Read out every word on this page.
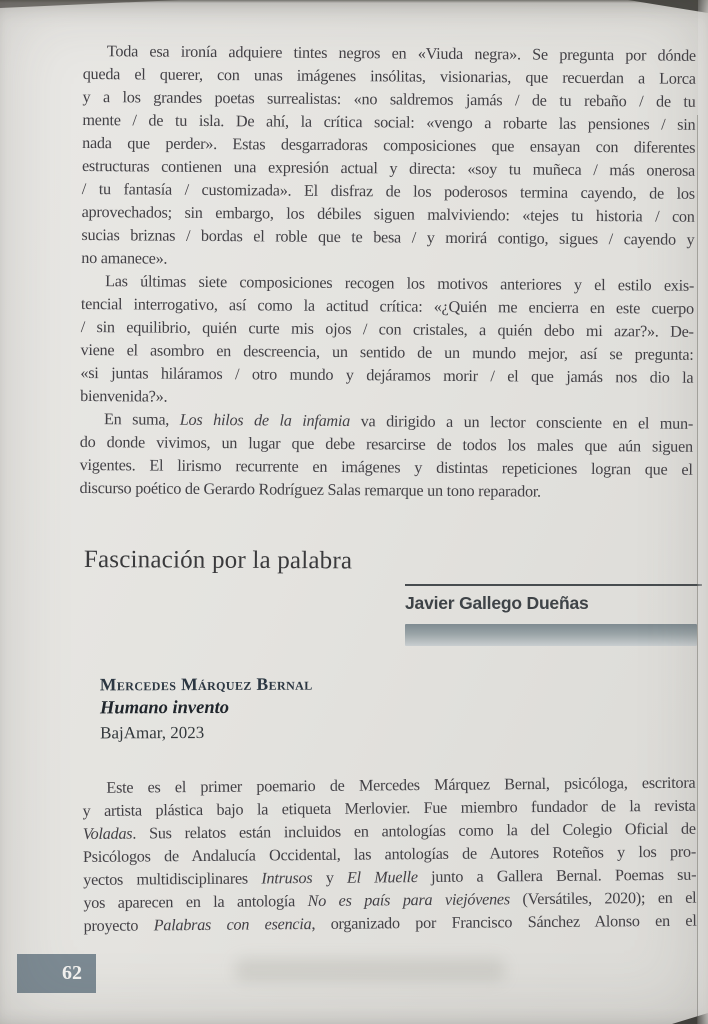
Toda esa ironía adquiere tintes negros en «Viuda negra». Se pregunta por dónde
queda el querer, con unas imágenes insólitas, visionarias, que recuerdan a Lorca
y a los grandes poetas surrealistas: «no saldremos jamás / de tu rebaño / de tu
mente / de tu isla. De ahí, la crítica social: «vengo a robarte las pensiones / sin
nada que perder». Estas desgarradoras composiciones que ensayan con diferentes
estructuras contienen una expresión actual y directa: «soy tu muñeca / más onerosa
/ tu fantasía / customizada». El disfraz de los poderosos termina cayendo, de los
aprovechados; sin embargo, los débiles siguen malviviendo: «tejes tu historia / con
sucias briznas / bordas el roble que te besa / y morirá contigo, sigues / cayendo y
no amanece».
Las últimas siete composiciones recogen los motivos anteriores y el estilo exis-
tencial interrogativo, así como la actitud crítica: «¿Quién me encierra en este cuerpo
/ sin equilibrio, quién curte mis ojos / con cristales, a quién debo mi azar?». De-
viene el asombro en descreencia, un sentido de un mundo mejor, así se pregunta:
«si juntas hiláramos / otro mundo y dejáramos morir / el que jamás nos dio la
bienvenida?».
En suma, Los hilos de la infamia va dirigido a un lector consciente en el mun-
do donde vivimos, un lugar que debe resarcirse de todos los males que aún siguen
vigentes. El lirismo recurrente en imágenes y distintas repeticiones logran que el
discurso poético de Gerardo Rodríguez Salas remarque un tono reparador.
Fascinación por la palabra
Javier Gallego Dueñas
Mercedes Márquez Bernal
Humano invento
BajAmar, 2023
Este es el primer poemario de Mercedes Márquez Bernal, psicóloga, escritora
y artista plástica bajo la etiqueta Merlovier. Fue miembro fundador de la revista
Voladas. Sus relatos están incluidos en antologías como la del Colegio Oficial de
Psicólogos de Andalucía Occidental, las antologías de Autores Roteños y los pro-
yectos multidisciplinares Intrusos y El Muelle junto a Gallera Bernal. Poemas su-
yos aparecen en la antología No es país para viejóvenes (Versátiles, 2020); en el
proyecto Palabras con esencia, organizado por Francisco Sánchez Alonso en el
62
